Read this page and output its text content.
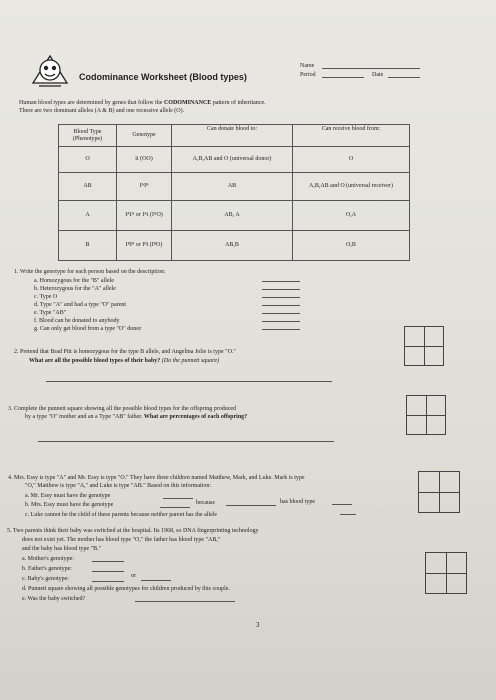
Codominance Worksheet (Blood types)
Name
Period	Date
Human blood types are determined by genes that follow the CODOMINANCE pattern of inheritance.
There are two dominant alleles (A & B) and one recessive allele (O).
Blood Type (Phenotype)	Genotype	Can donate blood to:	Can receive blood from:
O	ii (OO)	A,B,AB and O (universal donor)	O
AB	IᴬIᴮ	AB	A,B,AB and O (universal receiver)
A	IᴬIᴬ or Iᴬi (IᴬO)	AB, A	O,A
B	IᴮIᴮ or Iᴮi (IᴮO)	AB,B	O,B
1. Write the genotype for each person based on the description:
a. Homozygous for the "B" allele
b. Heterozygous for the "A" allele
c. Type O
d. Type "A" and had a type "O" parent
e. Type "AB"
f. Blood can be donated to anybody
g. Can only get blood from a type "O" donor
2. Pretend that Brad Pitt is homozygous for the type B allele, and Angelina Jolie is type "O."
What are all the possible blood types of their baby? (Do the punnett square)
3. Complete the punnett square showing all the possible blood types for the offspring produced
by a type "O" mother and an a Type "AB" father. What are percentages of each offspring?
4. Mrs. Essy is type "A" and Mr. Essy is type "O." They have three children named Matthew, Mark, and Luke. Mark is type
"O," Matthew is type "A," and Luke is type "AB." Based on this information:
a. Mr. Essy must have the genotype
b. Mrs. Essy must have the genotype	because	has blood type
c. Luke cannot be the child of these parents because neither parent has the allele
5. Two parents think their baby was switched at the hospital. Its 1968, so DNA fingerprinting technology
does not exist yet. The mother has blood type "O," the father has blood type "AB,"
and the baby has blood type "B."
a. Mother's genotype:
b. Father's genotype:
c. Baby's genotype:	or
d. Punnett square showing all possible genotypes for children produced by this couple.
e. Was the baby switched?
3
